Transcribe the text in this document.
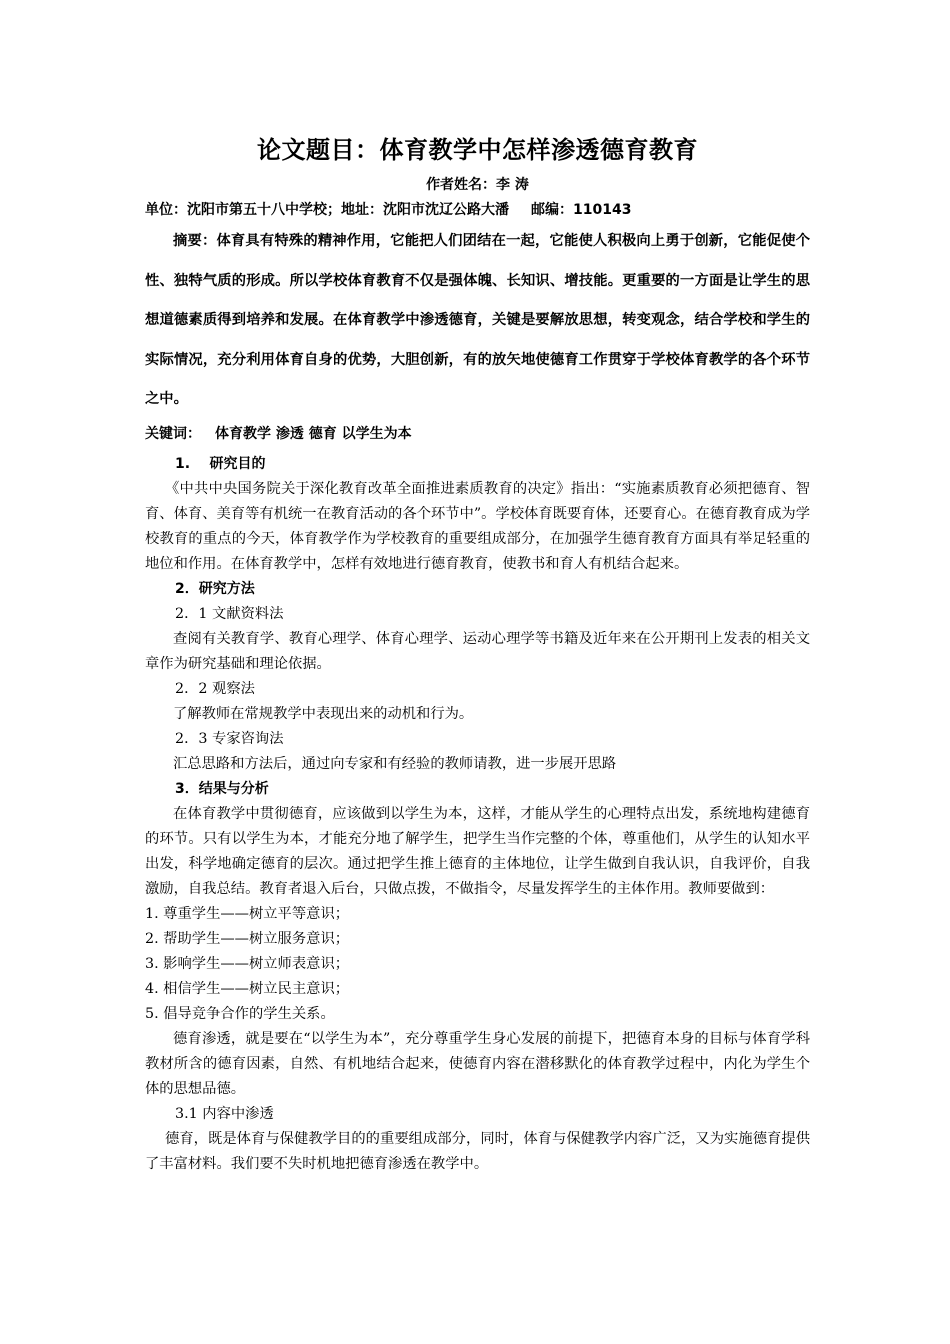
论文题目：体育教学中怎样渗透德育教育

作者姓名：李 涛

单位：沈阳市第五十八中学校；地址：沈阳市沈辽公路大潘 邮编：110143

摘要：体育具有特殊的精神作用，它能把人们团结在一起，它能使人积极向上勇于创新，它能促使个性、独特气质的形成。所以学校体育教育不仅是强体魄、长知识、增技能。更重要的一方面是让学生的思想道德素质得到培养和发展。在体育教学中渗透德育，关键是要解放思想，转变观念，结合学校和学生的实际情况，充分利用体育自身的优势，大胆创新，有的放矢地使德育工作贯穿于学校体育教学的各个环节之中。

关键词： 体育教学 渗透 德育 以学生为本

1.    研究目的

《中共中央国务院关于深化教育改革全面推进素质教育的决定》指出：“实施素质教育必须把德育、智育、体育、美育等有机统一在教育活动的各个环节中”。学校体育既要育体，还要育心。在德育教育成为学校教育的重点的今天，体育教学作为学校教育的重要组成部分，在加强学生德育教育方面具有举足轻重的地位和作用。在体育教学中，怎样有效地进行德育教育，使教书和育人有机结合起来。

2．研究方法

2．1 文献资料法

查阅有关教育学、教育心理学、体育心理学、运动心理学等书籍及近年来在公开期刊上发表的相关文章作为研究基础和理论依据。

2．2 观察法

了解教师在常规教学中表现出来的动机和行为。

2．3 专家咨询法

汇总思路和方法后，通过向专家和有经验的教师请教，进一步展开思路

3．结果与分析

在体育教学中贯彻德育，应该做到以学生为本，这样，才能从学生的心理特点出发，系统地构建德育的环节。只有以学生为本，才能充分地了解学生，把学生当作完整的个体，尊重他们，从学生的认知水平出发，科学地确定德育的层次。通过把学生推上德育的主体地位，让学生做到自我认识，自我评价，自我激励，自我总结。教育者退入后台，只做点拨，不做指令，尽量发挥学生的主体作用。教师要做到：

1. 尊重学生——树立平等意识；

2. 帮助学生——树立服务意识；

3. 影响学生——树立师表意识；

4. 相信学生——树立民主意识；

5. 倡导竞争合作的学生关系。

德育渗透，就是要在“以学生为本”，充分尊重学生身心发展的前提下，把德育本身的目标与体育学科教材所含的德育因素，自然、有机地结合起来，使德育内容在潜移默化的体育教学过程中，内化为学生个体的思想品德。

3.1 内容中渗透

德育，既是体育与保健教学目的的重要组成部分，同时，体育与保健教学内容广泛，又为实施德育提供了丰富材料。我们要不失时机地把德育渗透在教学中。
